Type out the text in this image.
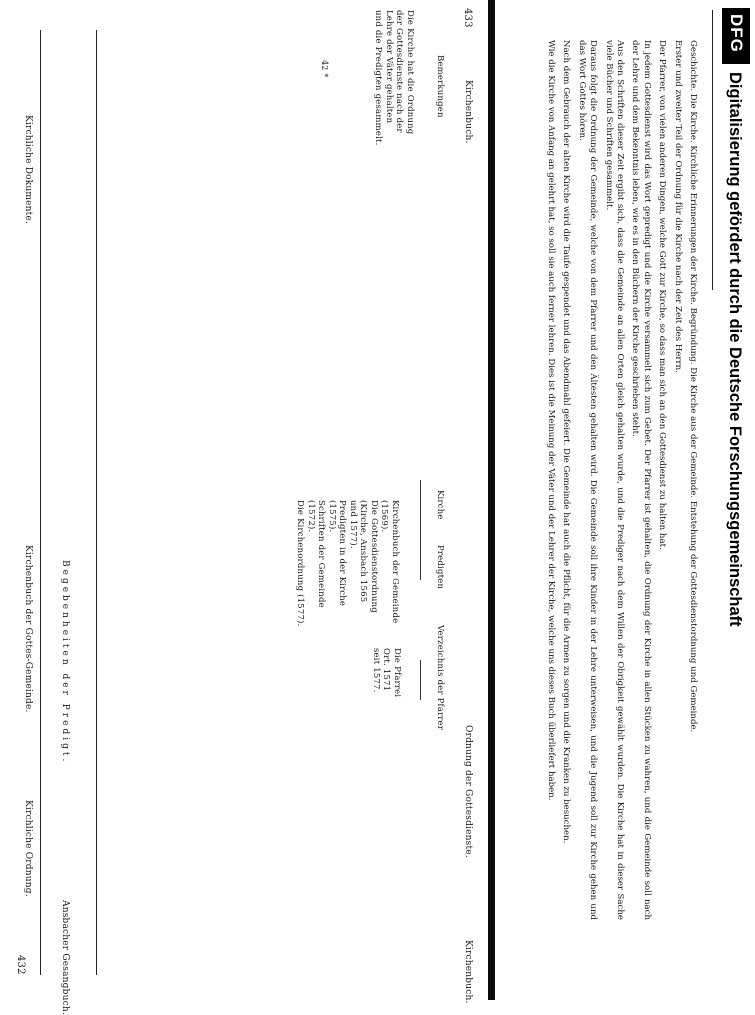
432
Kirchliche Ordnung.
Kirchenbuch der Gottes-Gemeinde.
Kirchliche Dokumente.
Ansbacher Gesangbuch.
Begebenheiten der Predigt.	Geschichte. Die Kirche. Kirchliche Erinnerungen der Kirche. Begründung. Die Kirche aus der Gemeinde. Entstehung der Gottesdienstordnung und Gemeinde.

Erster und zweiter Teil der Ordnung für die Kirche nach der Zeit des Herrn.

Der Pfarrer, von vielen anderen Dingen, welche Gott zur Kirche, so dass man sich an den Gottesdienst zu halten hat.

In jedem Gottesdienst wird das Wort gepredigt und die Kirche versammelt sich zum Gebet. Der Pfarrer ist gehalten, die Ordnung der Kirche in allen Stücken zu wahren, und die Gemeinde soll nach der Lehre und dem Bekenntnis leben, wie es in den Büchern der Kirche geschrieben steht.

Aus den Schriften dieser Zeit ergibt sich, dass die Gemeinde an allen Orten gleich gehalten wurde, und die Prediger nach dem Willen der Obrigkeit gewählt wurden. Die Kirche hat in dieser Sache viele Bücher und Schriften gesammelt.

Daraus folgt die Ordnung der Gemeinde, welche von dem Pfarrer und den Ältesten gehalten wird. Die Gemeinde soll ihre Kinder in der Lehre unterweisen, und die Jugend soll zur Kirche gehen und das Wort Gottes hören.

Nach dem Gebrauch der alten Kirche wird die Taufe gespendet und das Abendmahl gefeiert. Die Gemeinde hat auch die Pflicht, für die Armen zu sorgen und die Kranken zu besuchen.

Wie die Kirche von Anfang an gelehrt hat, so soll sie auch ferner lehren. Dies ist die Meinung der Väter und der Lehrer der Kirche, welche uns dieses Buch überliefert haben.

Kirchenbuch.
Ordnung der Gottesdienste.
Kirchenbuch.
433
Verzeichnis der Pfarrer
Predigten
Kirche
Bemerkungen
Die Pfarrei
Ort. 1571
seit 1577.
Kirchenbuch der Gemeinde
(1569).
Die Gottesdienstordnung
(Kirche, Ansbach 1565
und 1577).
Predigten in der Kirche
(1575).
Schriften der Gemeinde
(1572).
Die Kirchenordnung (1577).
Die Kirche hat die Ordnung
der Gottesdienste nach der
Lehre der Väter gehalten
und die Predigten gesammelt.
42 *
DFG
Digitalisierung gefördert durch die Deutsche Forschungsgemeinschaft
